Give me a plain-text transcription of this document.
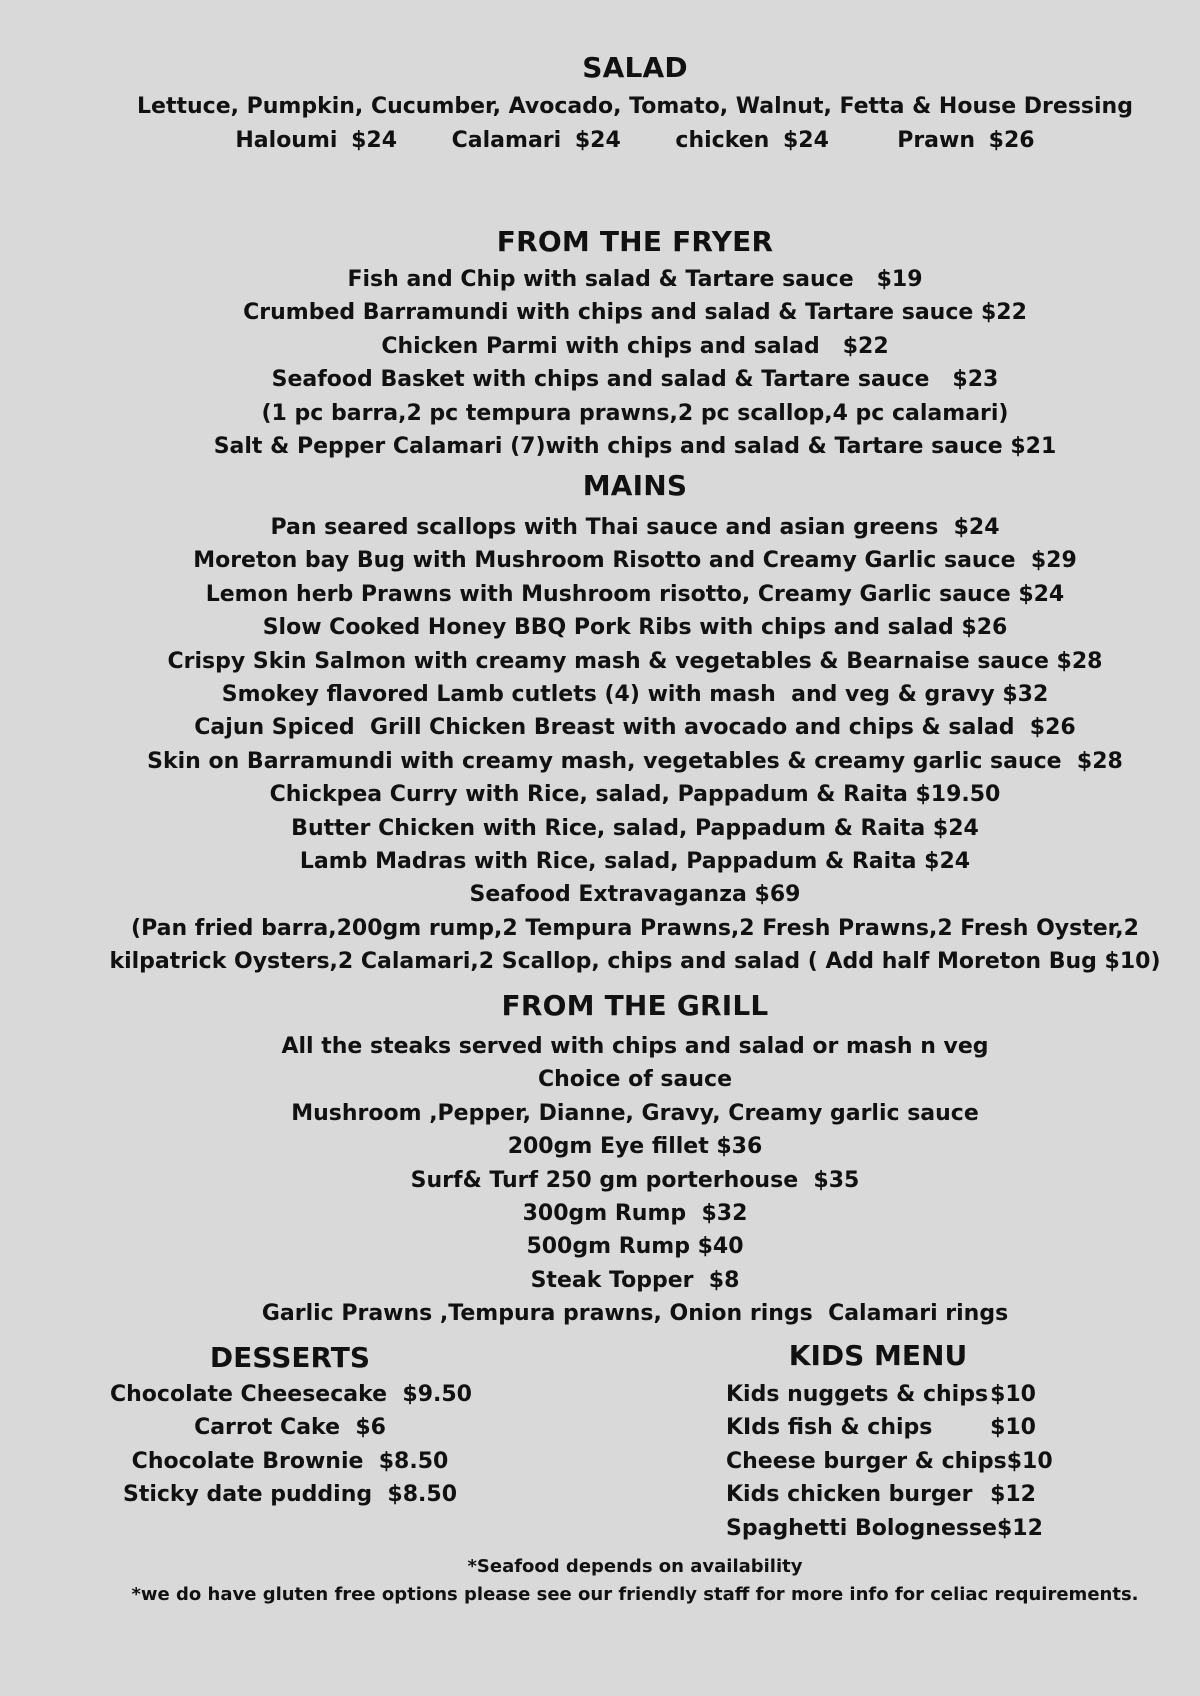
SALAD
Lettuce, Pumpkin, Cucumber, Avocado, Tomato, Walnut, Fetta & House Dressing
Haloumi $24    Calamari $24    chicken $24     Prawn $26
FROM THE FRYER
Fish and Chip with salad & Tartare sauce   $19
Crumbed Barramundi with chips and salad & Tartare sauce $22
Chicken Parmi with chips and salad   $22
Seafood Basket with chips and salad & Tartare sauce   $23
(1 pc barra,2 pc tempura prawns,2 pc scallop,4 pc calamari)
Salt & Pepper Calamari (7)with chips and salad & Tartare sauce $21
MAINS
Pan seared scallops with Thai sauce and asian greens  $24
Moreton bay Bug with Mushroom Risotto and Creamy Garlic sauce  $29
Lemon herb Prawns with Mushroom risotto, Creamy Garlic sauce $24
Slow Cooked Honey BBQ Pork Ribs with chips and salad $26
Crispy Skin Salmon with creamy mash & vegetables & Bearnaise sauce $28
Smokey flavored Lamb cutlets (4) with mash  and veg & gravy $32
Cajun Spiced  Grill Chicken Breast with avocado and chips & salad  $26
Skin on Barramundi with creamy mash, vegetables & creamy garlic sauce  $28
Chickpea Curry with Rice, salad, Pappadum & Raita $19.50
Butter Chicken with Rice, salad, Pappadum & Raita $24
Lamb Madras with Rice, salad, Pappadum & Raita $24
Seafood Extravaganza $69
(Pan fried barra,200gm rump,2 Tempura Prawns,2 Fresh Prawns,2 Fresh Oyster,2
kilpatrick Oysters,2 Calamari,2 Scallop, chips and salad ( Add half Moreton Bug $10)
FROM THE GRILL
All the steaks served with chips and salad or mash n veg
Choice of sauce
Mushroom ,Pepper, Dianne, Gravy, Creamy garlic sauce
200gm Eye fillet $36
Surf& Turf 250 gm porterhouse  $35
300gm Rump  $32
500gm Rump $40
Steak Topper  $8
Garlic Prawns ,Tempura prawns, Onion rings  Calamari rings
DESSERTS
Chocolate Cheesecake  $9.50
Carrot Cake  $6
Chocolate Brownie  $8.50
Sticky date pudding  $8.50
KIDS MENU
Kids nuggets & chips $10
KIds fish & chips	$10
Cheese burger & chips $10
Kids chicken burger $12
Spaghetti Bolognesse $12
*Seafood depends on availability
*we do have gluten free options please see our friendly staff for more info for celiac requirements.
